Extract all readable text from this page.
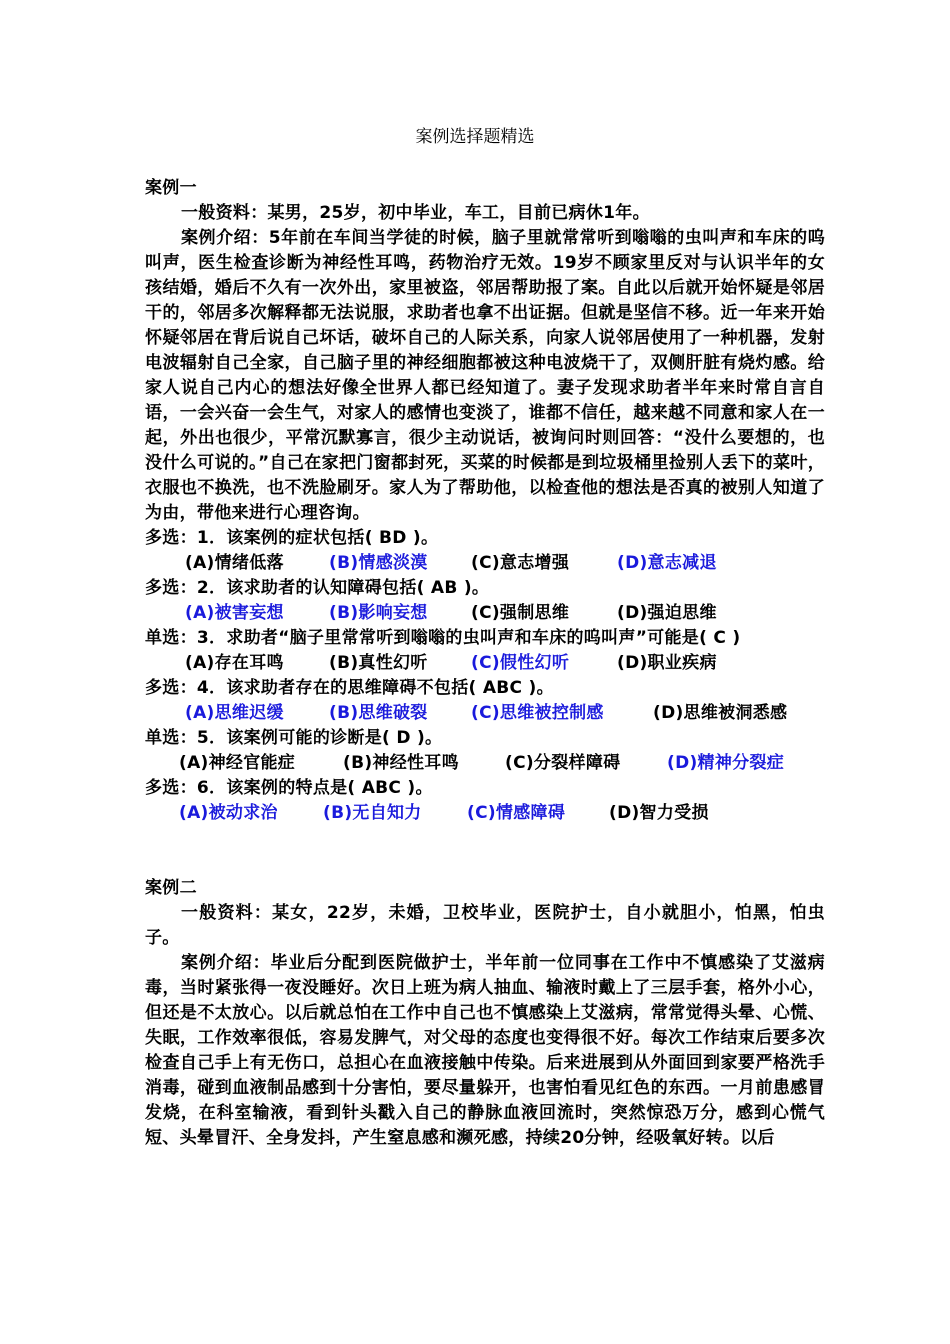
案例选择题精选

案例一

一般资料：某男，25岁，初中毕业，车工，目前已病休1年。

案例介绍：5年前在车间当学徒的时候，脑子里就常常听到嗡嗡的虫叫声和车床的呜叫声，医生检查诊断为神经性耳鸣，药物治疗无效。19岁不顾家里反对与认识半年的女孩结婚，婚后不久有一次外出，家里被盗，邻居帮助报了案。自此以后就开始怀疑是邻居干的，邻居多次解释都无法说服，求助者也拿不出证据。但就是坚信不移。近一年来开始怀疑邻居在背后说自己坏话，破坏自己的人际关系，向家人说邻居使用了一种机器，发射电波辐射自己全家，自己脑子里的神经细胞都被这种电波烧干了，双侧肝脏有烧灼感。给家人说自己内心的想法好像全世界人都已经知道了。妻子发现求助者半年来时常自言自语，一会兴奋一会生气，对家人的感情也变淡了，谁都不信任，越来越不同意和家人在一起，外出也很少，平常沉默寡言，很少主动说话，被询问时则回答：“没什么要想的，也没什么可说的。”自己在家把门窗都封死，买菜的时候都是到垃圾桶里捡别人丢下的菜叶，衣服也不换洗，也不洗脸刷牙。家人为了帮助他，以检查他的想法是否真的被别人知道了为由，带他来进行心理咨询。

多选：1．该案例的症状包括( BD )。

(A)情绪低落	(B)情感淡漠	(C)意志增强	(D)意志减退

多选：2．该求助者的认知障碍包括( AB )。

(A)被害妄想	(B)影响妄想	(C)强制思维	(D)强迫思维

单选：3．求助者“脑子里常常听到嗡嗡的虫叫声和车床的呜叫声”可能是( C )

(A)存在耳鸣	(B)真性幻听	(C)假性幻听	(D)职业疾病

多选：4．该求助者存在的思维障碍不包括( ABC )。

(A)思维迟缓	(B)思维破裂	(C)思维被控制感	(D)思维被洞悉感

单选：5．该案例可能的诊断是( D )。

(A)神经官能症	(B)神经性耳鸣	(C)分裂样障碍	(D)精神分裂症

多选：6．该案例的特点是( ABC )。

(A)被动求治	(B)无自知力	(C)情感障碍	(D)智力受损

案例二

一般资料：某女，22岁，未婚，卫校毕业，医院护士，自小就胆小，怕黑，怕虫子。

案例介绍：毕业后分配到医院做护士，半年前一位同事在工作中不慎感染了艾滋病毒，当时紧张得一夜没睡好。次日上班为病人抽血、输液时戴上了三层手套，格外小心，但还是不太放心。以后就总怕在工作中自己也不慎感染上艾滋病，常常觉得头晕、心慌、失眠，工作效率很低，容易发脾气，对父母的态度也变得很不好。每次工作结束后要多次检查自己手上有无伤口，总担心在血液接触中传染。后来进展到从外面回到家要严格洗手消毒，碰到血液制品感到十分害怕，要尽量躲开，也害怕看见红色的东西。一月前患感冒发烧，在科室输液，看到针头戳入自己的静脉血液回流时，突然惊恐万分，感到心慌气短、头晕冒汗、全身发抖，产生窒息感和濒死感，持续20分钟，经吸氧好转。以后
